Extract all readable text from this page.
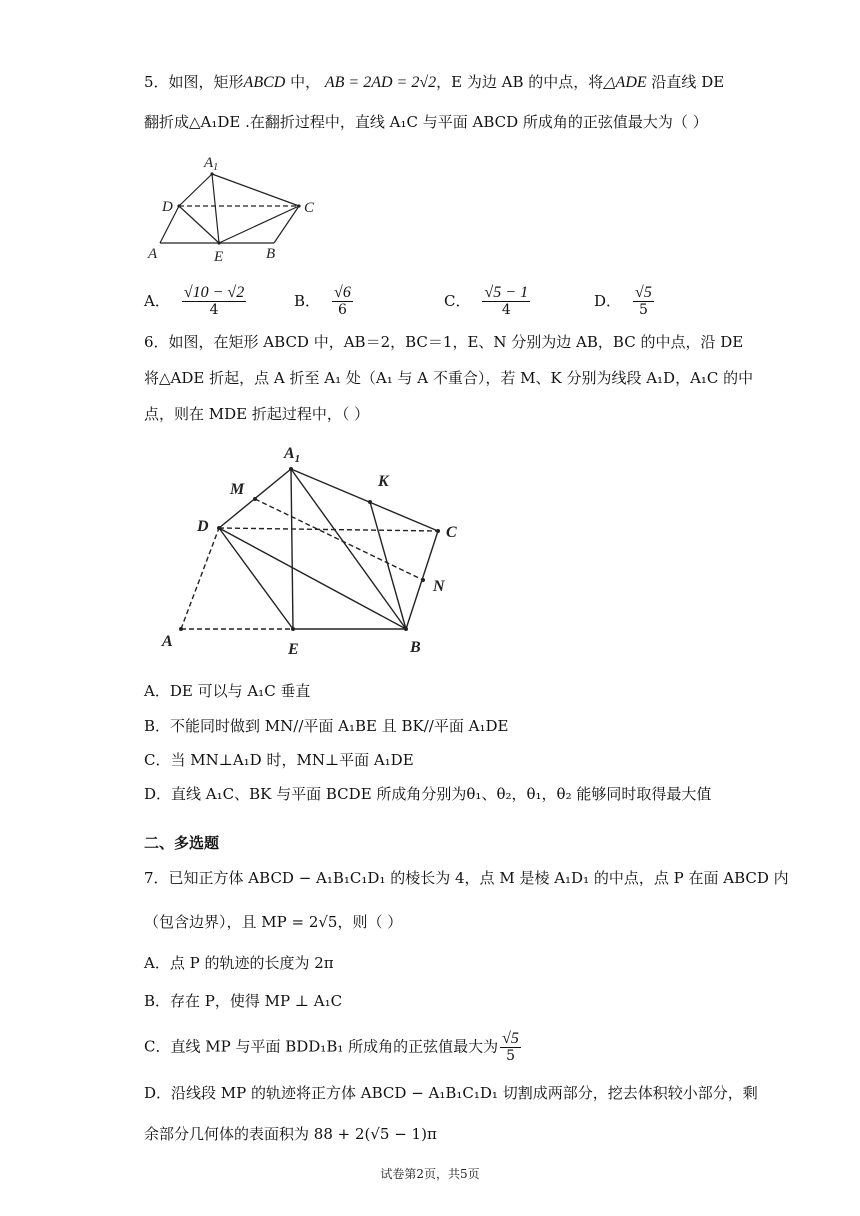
5．如图，矩形ABCD 中， AB = 2AD = 2√2，E 为边 AB 的中点，将△ADE 沿直线 DE
翻折成△A₁DE .在翻折过程中，直线 A₁C 与平面 ABCD 所成角的正弦值最大为（ ）
$A_1$
D	C
A	E	B
A． $\frac{√10 - √2}{4}$	B． $\frac{√6}{6}$	C． $\frac{√5 - 1}{4}$	D． $\frac{√5}{5}$
6．如图，在矩形 ABCD 中，AB＝2，BC＝1，E、N 分别为边 AB，BC 的中点，沿 DE
将△ADE 折起，点 A 折至 A₁ 处（A₁ 与 A 不重合），若 M、K 分别为线段 A₁D，A₁C 的中
点，则在 MDE 折起过程中，（ ）
$A_1$
M	K
D	C
N
A	E	B
A．DE 可以与 A₁C 垂直
B．不能同时做到 MN//平面 A₁BE 且 BK//平面 A₁DE
C．当 MN⊥A₁D 时，MN⊥平面 A₁DE
D．直线 A₁C、BK 与平面 BCDE 所成角分别为θ₁、θ₂，θ₁，θ₂ 能够同时取得最大值
二、多选题
7．已知正方体 ABCD − A₁B₁C₁D₁ 的棱长为 4，点 M 是棱 A₁D₁ 的中点，点 P 在面 ABCD 内
（包含边界），且 MP = 2√5，则（ ）
A．点 P 的轨迹的长度为 2π
B．存在 P，使得 MP ⊥ A₁C
C．直线 MP 与平面 BDD₁B₁ 所成角的正弦值最大为 $\frac{√5}{5}$
D．沿线段 MP 的轨迹将正方体 ABCD − A₁B₁C₁D₁ 切割成两部分，挖去体积较小部分，剩
余部分几何体的表面积为 88 + 2(√5 − 1)π
试卷第2页，共5页
